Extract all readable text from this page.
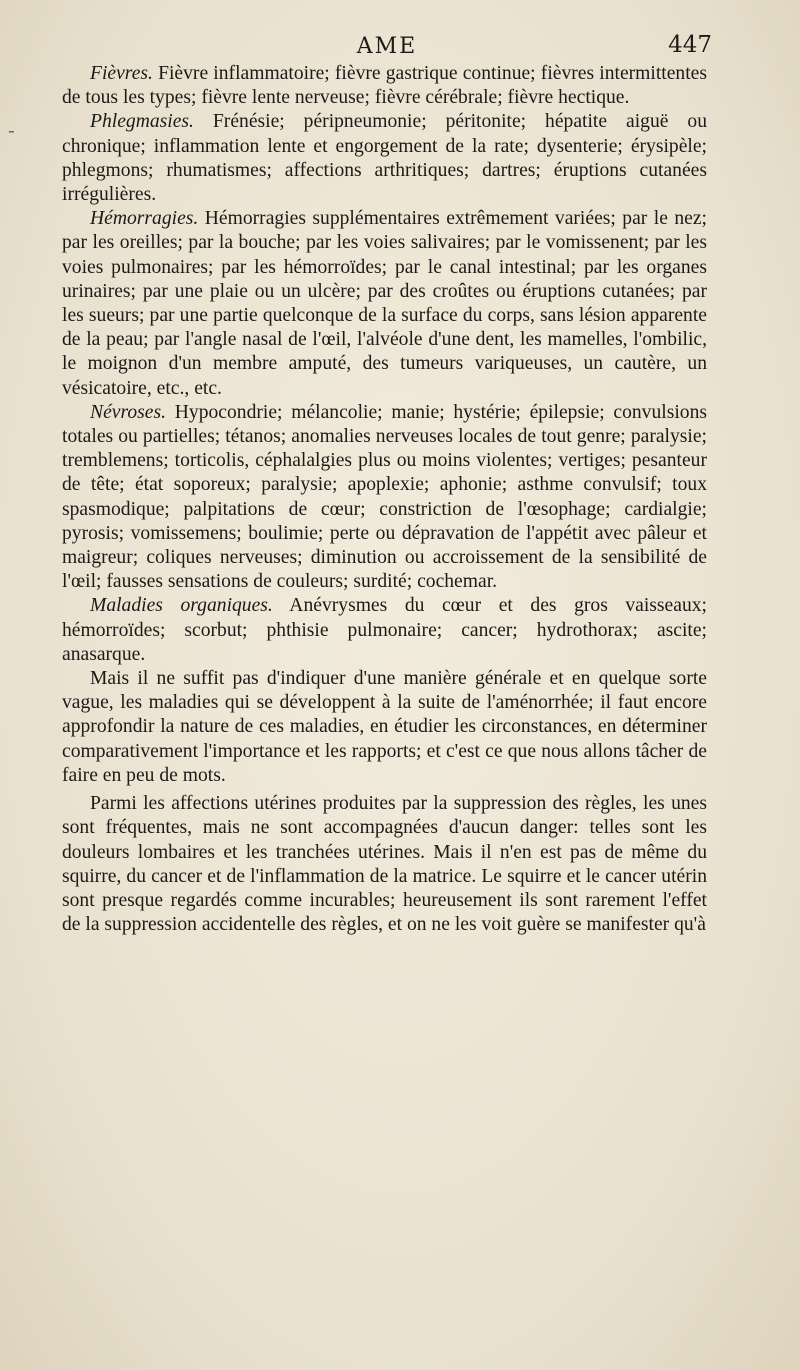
AME	447
-

Fièvres. Fièvre inflammatoire; fièvre gastrique continue; fièvres intermittentes de tous les types; fièvre lente nerveuse; fièvre cérébrale; fièvre hectique.

Phlegmasies. Frénésie; péripneumonie; péritonite; hépatite aiguë ou chronique; inflammation lente et engorgement de la rate; dysenterie; érysipèle; phlegmons; rhumatismes; affections arthritiques; dartres; éruptions cutanées irrégulières.

Hémorragies. Hémorragies supplémentaires extrêmement variées; par le nez; par les oreilles; par la bouche; par les voies salivaires; par le vomissenent; par les voies pulmonaires; par les hémorroïdes; par le canal intestinal; par les organes urinaires; par une plaie ou un ulcère; par des croûtes ou éruptions cutanées; par les sueurs; par une partie quelconque de la surface du corps, sans lésion apparente de la peau; par l'angle nasal de l'œil, l'alvéole d'une dent, les mamelles, l'ombilic, le moignon d'un membre amputé, des tumeurs variqueuses, un cautère, un vésicatoire, etc., etc.

Névroses. Hypocondrie; mélancolie; manie; hystérie; épilepsie; convulsions totales ou partielles; tétanos; anomalies nerveuses locales de tout genre; paralysie; tremblemens; torticolis, céphalalgies plus ou moins violentes; vertiges; pesanteur de tête; état soporeux; paralysie; apoplexie; aphonie; asthme convulsif; toux spasmodique; palpitations de cœur; constriction de l'œsophage; cardialgie; pyrosis; vomissemens; boulimie; perte ou dépravation de l'appétit avec pâleur et maigreur; coliques nerveuses; diminution ou accroissement de la sensibilité de l'œil; fausses sensations de couleurs; surdité; cochemar.

Maladies organiques. Anévrysmes du cœur et des gros vaisseaux; hémorroïdes; scorbut; phthisie pulmonaire; cancer; hydrothorax; ascite; anasarque.

Mais il ne suffit pas d'indiquer d'une manière générale et en quelque sorte vague, les maladies qui se développent à la suite de l'aménorrhée; il faut encore approfondir la nature de ces maladies, en étudier les circonstances, en déterminer comparativement l'importance et les rapports; et c'est ce que nous allons tâcher de faire en peu de mots.

Parmi les affections utérines produites par la suppression des règles, les unes sont fréquentes, mais ne sont accompagnées d'aucun danger: telles sont les douleurs lombaires et les tranchées utérines. Mais il n'en est pas de même du squirre, du cancer et de l'inflammation de la matrice. Le squirre et le cancer utérin sont presque regardés comme incurables; heureusement ils sont rarement l'effet de la suppression accidentelle des règles, et on ne les voit guère se manifester qu'à
